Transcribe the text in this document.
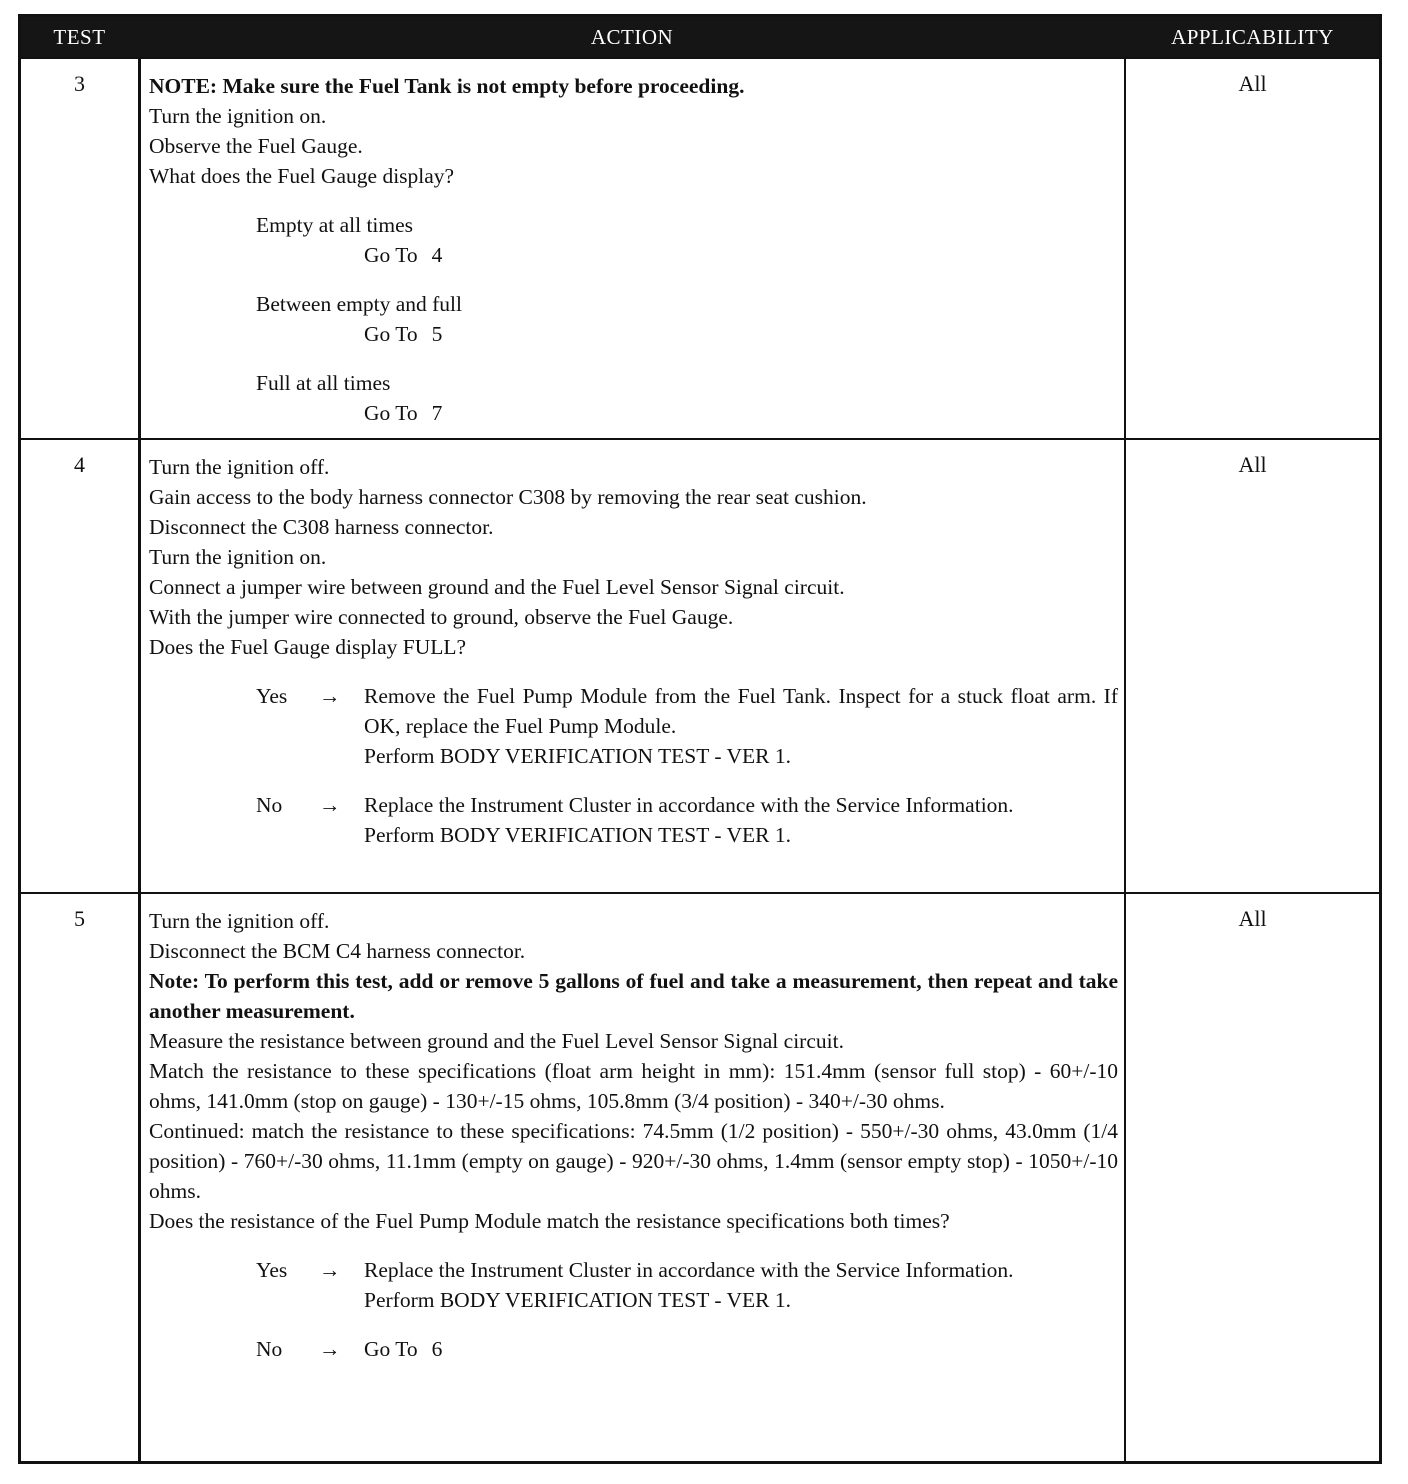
TEST	ACTION	APPLICABILITY
3	NOTE: Make sure the Fuel Tank is not empty before proceeding.
Turn the ignition on.
Observe the Fuel Gauge.
What does the Fuel Gauge display?
Empty at all times
Go To 4
Between empty and full
Go To 5
Full at all times
Go To 7
All
4	Turn the ignition off.
Gain access to the body harness connector C308 by removing the rear seat cushion.
Disconnect the C308 harness connector.
Turn the ignition on.
Connect a jumper wire between ground and the Fuel Level Sensor Signal circuit.
With the jumper wire connected to ground, observe the Fuel Gauge.
Does the Fuel Gauge display FULL?
Yes	→	Remove the Fuel Pump Module from the Fuel Tank. Inspect for a stuck float arm. If OK, replace the Fuel Pump Module.
Perform BODY VERIFICATION TEST - VER 1.
No	→	Replace the Instrument Cluster in accordance with the Service Information.
Perform BODY VERIFICATION TEST - VER 1.
All
5	Turn the ignition off.
Disconnect the BCM C4 harness connector.
Note: To perform this test, add or remove 5 gallons of fuel and take a measurement, then repeat and take another measurement.
Measure the resistance between ground and the Fuel Level Sensor Signal circuit.
Match the resistance to these specifications (float arm height in mm): 151.4mm (sensor full stop) - 60+/-10 ohms, 141.0mm (stop on gauge) - 130+/-15 ohms, 105.8mm (3/4 position) - 340+/-30 ohms.
Continued: match the resistance to these specifications: 74.5mm (1/2 position) - 550+/-30 ohms, 43.0mm (1/4 position) - 760+/-30 ohms, 11.1mm (empty on gauge) - 920+/-30 ohms, 1.4mm (sensor empty stop) - 1050+/-10 ohms.
Does the resistance of the Fuel Pump Module match the resistance specifications both times?
Yes	→	Replace the Instrument Cluster in accordance with the Service Information.
Perform BODY VERIFICATION TEST - VER 1.
No	→	Go To 6
All
